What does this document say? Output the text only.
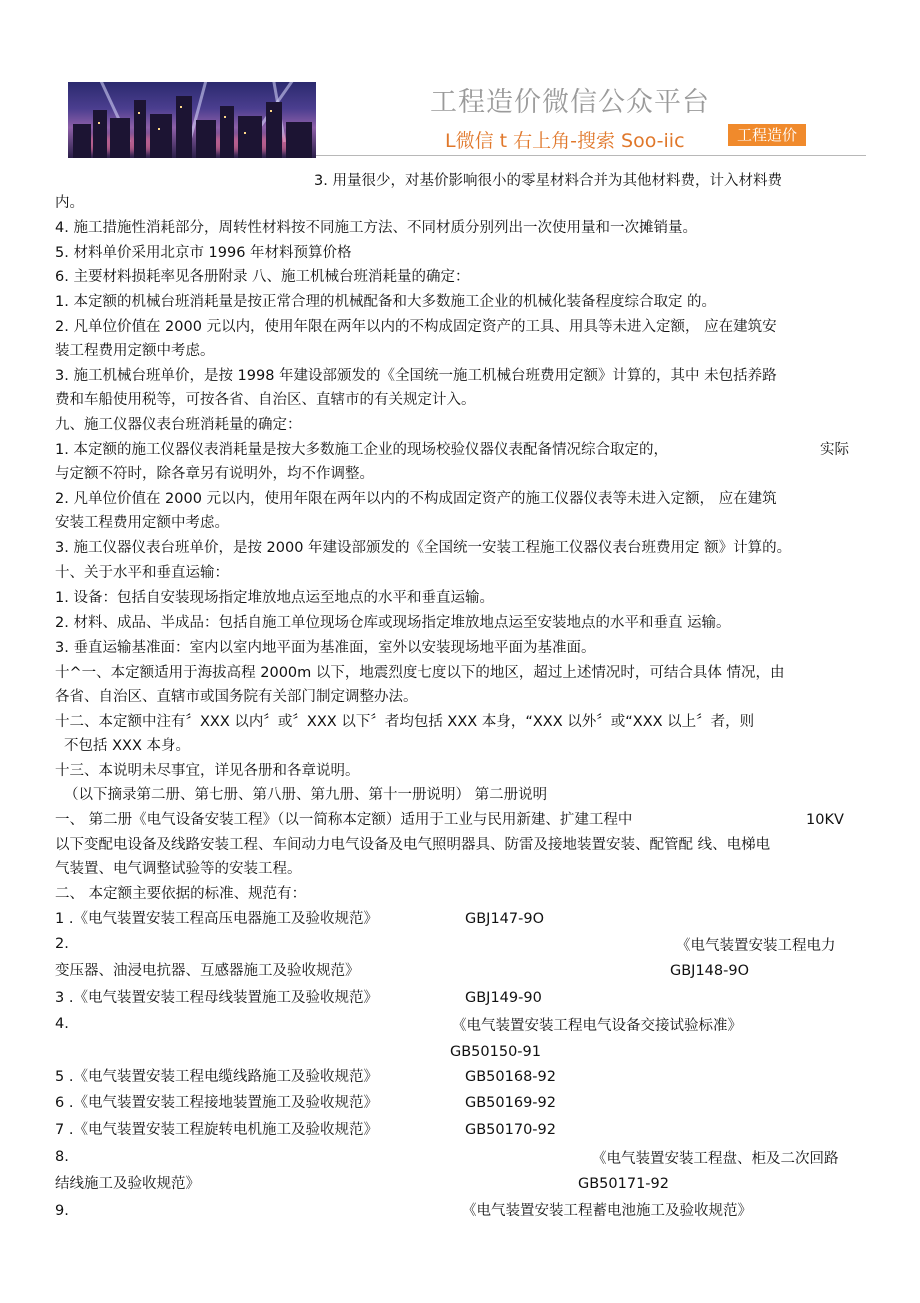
工程造价微信公众平台
L微信 t 右上角-搜索 Soo-iic	工程造价
3. 用量很少，对基价影响很小的零星材料合并为其他材料费，计入材料费
内。
4. 施工措施性消耗部分，周转性材料按不同施工方法、不同材质分别列出一次使用量和一次摊销量。
5. 材料单价采用北京市 1996 年材料预算价格
6. 主要材料损耗率见各册附录 八、施工机械台班消耗量的确定：
1. 本定额的机械台班消耗量是按正常合理的机械配备和大多数施工企业的机械化装备程度综合取定 的。
2. 凡单位价值在 2000 元以内，使用年限在两年以内的不构成固定资产的工具、用具等未进入定额， 应在建筑安
装工程费用定额中考虑。
3. 施工机械台班单价，是按 1998 年建设部颁发的《全国统一施工机械台班费用定额》计算的，其中 未包括养路
费和车船使用税等，可按各省、自治区、直辖市的有关规定计入。
九、施工仪器仪表台班消耗量的确定：
1. 本定额的施工仪器仪表消耗量是按大多数施工企业的现场校验仪器仪表配备情况综合取定的，	实际
与定额不符时，除各章另有说明外，均不作调整。
2. 凡单位价值在 2000 元以内，使用年限在两年以内的不构成固定资产的施工仪器仪表等未进入定额， 应在建筑
安装工程费用定额中考虑。
3. 施工仪器仪表台班单价，是按 2000 年建设部颁发的《全国统一安装工程施工仪器仪表台班费用定 额》计算的。
十、关于水平和垂直运输：
1. 设备：包括自安装现场指定堆放地点运至地点的水平和垂直运输。
2. 材料、成品、半成品：包括自施工单位现场仓库或现场指定堆放地点运至安装地点的水平和垂直 运输。
3. 垂直运输基准面：室内以室内地平面为基准面，室外以安装现场地平面为基准面。
十^一、本定额适用于海拔高程 2000m 以下，地震烈度七度以下的地区，超过上述情况时，可结合具体 情况，由
各省、自治区、直辖市或国务院有关部门制定调整办法。
十二、本定额中注有〞XXX 以内〞或〞XXX 以下〞者均包括 XXX 本身，“XXX 以外〞或“XXX 以上〞者，则
不包括 XXX 本身。
十三、本说明未尽事宜，详见各册和各章说明。
（以下摘录第二册、第七册、第八册、第九册、第十一册说明） 第二册说明
一、 第二册《电气设备安装工程》（以一简称本定额）适用于工业与民用新建、扩建工程中	10KV
以下变配电设备及线路安装工程、车间动力电气设备及电气照明器具、防雷及接地装置安装、配管配 线、电梯电
气装置、电气调整试验等的安装工程。
二、 本定额主要依据的标准、规范有：
1 .《电气装置安装工程高压电器施工及验收规范》	GBJ147-9O
2.	《电气装置安装工程电力
变压器、油浸电抗器、互感器施工及验收规范》	GBJ148-9O
3 .《电气装置安装工程母线装置施工及验收规范》	GBJ149-90
4.	《电气装置安装工程电气设备交接试验标准》
GB50150-91
5 .《电气装置安装工程电缆线路施工及验收规范》	GB50168-92
6 .《电气装置安装工程接地装置施工及验收规范》	GB50169-92
7 .《电气装置安装工程旋转电机施工及验收规范》	GB50170-92
8.	《电气装置安装工程盘、柜及二次回路
结线施工及验收规范》	GB50171-92
9.	《电气装置安装工程蓄电池施工及验收规范》
